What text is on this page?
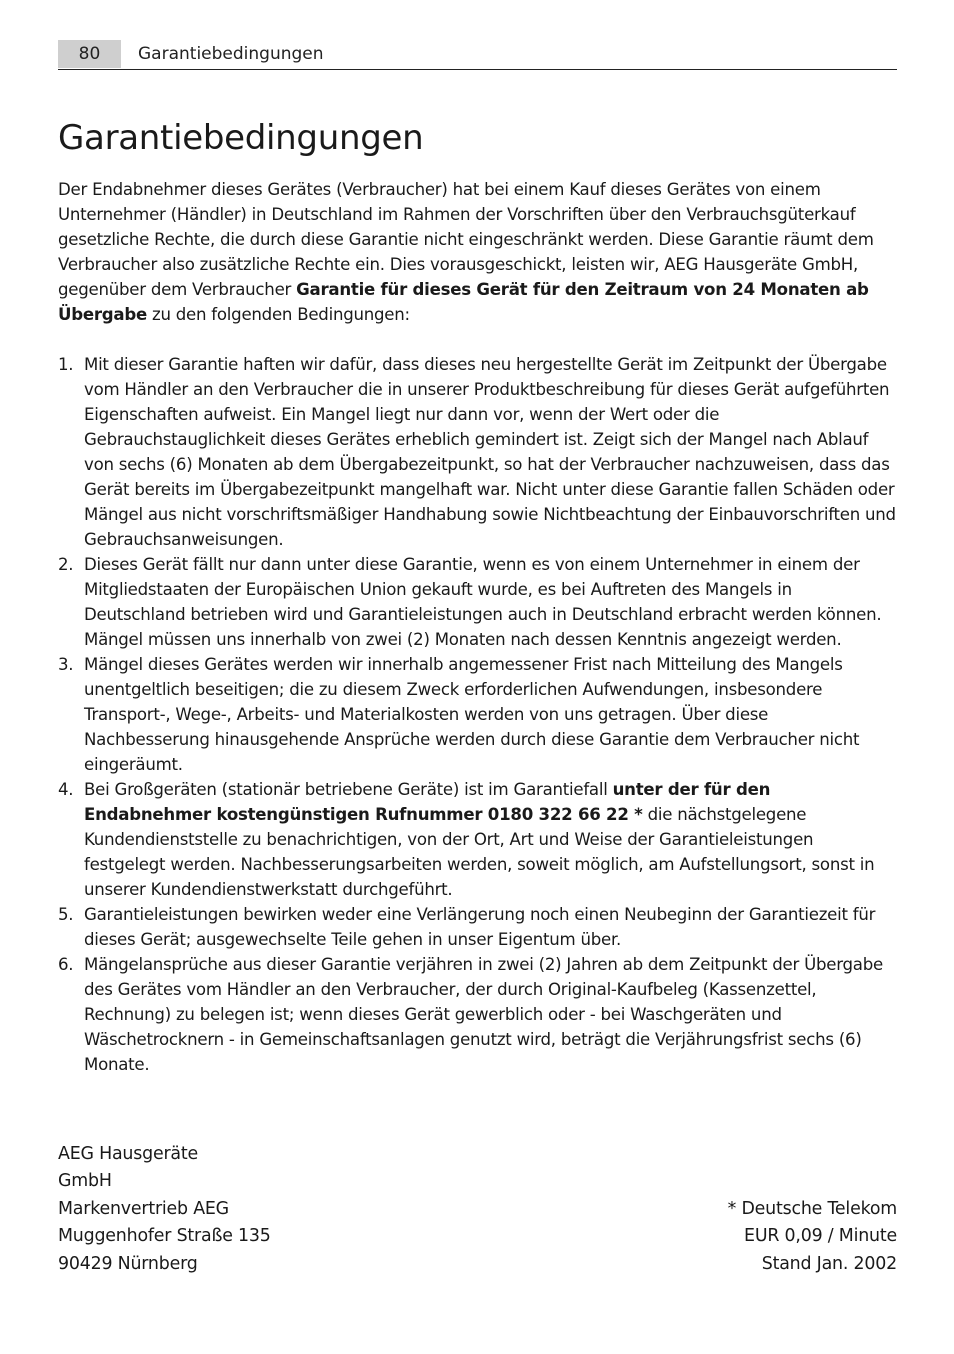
80	Garantiebedingungen
Garantiebedingungen

Der Endabnehmer dieses Gerätes (Verbraucher) hat bei einem Kauf dieses Gerätes von einem Unternehmer (Händler) in Deutschland im Rahmen der Vorschriften über den Verbrauchsgüterkauf gesetzliche Rechte, die durch diese Garantie nicht eingeschränkt werden. Diese Garantie räumt dem Verbraucher also zusätzliche Rechte ein. Dies vorausgeschickt, leisten wir, AEG Hausgeräte GmbH, gegenüber dem Verbraucher Garantie für dieses Gerät für den Zeitraum von 24 Monaten ab Übergabe zu den folgenden Bedingungen:

1. Mit dieser Garantie haften wir dafür, dass dieses neu hergestellte Gerät im Zeitpunkt der Übergabe vom Händler an den Verbraucher die in unserer Produktbeschreibung für dieses Gerät aufgeführten Eigenschaften aufweist. Ein Mangel liegt nur dann vor, wenn der Wert oder die Gebrauchstauglichkeit dieses Gerätes erheblich gemindert ist. Zeigt sich der Mangel nach Ablauf von sechs (6) Monaten ab dem Übergabezeitpunkt, so hat der Verbraucher nachzuweisen, dass das Gerät bereits im Übergabezeitpunkt mangelhaft war. Nicht unter diese Garantie fallen Schäden oder Mängel aus nicht vorschriftsmäßiger Handhabung sowie Nichtbeachtung der Einbauvorschriften und Gebrauchsanweisungen.
2. Dieses Gerät fällt nur dann unter diese Garantie, wenn es von einem Unternehmer in einem der Mitgliedstaaten der Europäischen Union gekauft wurde, es bei Auftreten des Mangels in Deutschland betrieben wird und Garantieleistungen auch in Deutschland erbracht werden können. Mängel müssen uns innerhalb von zwei (2) Monaten nach dessen Kenntnis angezeigt werden.
3. Mängel dieses Gerätes werden wir innerhalb angemessener Frist nach Mitteilung des Mangels unentgeltlich beseitigen; die zu diesem Zweck erforderlichen Aufwendungen, insbesondere Transport-, Wege-, Arbeits- und Materialkosten werden von uns getragen. Über diese Nachbesserung hinausgehende Ansprüche werden durch diese Garantie dem Verbraucher nicht eingeräumt.
4. Bei Großgeräten (stationär betriebene Geräte) ist im Garantiefall unter der für den Endabnehmer kostengünstigen Rufnummer 0180 322 66 22 * die nächstgelegene Kundendienststelle zu benachrichtigen, von der Ort, Art und Weise der Garantieleistungen festgelegt werden. Nachbesserungsarbeiten werden, soweit möglich, am Aufstellungsort, sonst in unserer Kundendienstwerkstatt durchgeführt.
5. Garantieleistungen bewirken weder eine Verlängerung noch einen Neubeginn der Garantiezeit für dieses Gerät; ausgewechselte Teile gehen in unser Eigentum über.
6. Mängelansprüche aus dieser Garantie verjähren in zwei (2) Jahren ab dem Zeitpunkt der Übergabe des Gerätes vom Händler an den Verbraucher, der durch Original-Kaufbeleg (Kassenzettel, Rechnung) zu belegen ist; wenn dieses Gerät gewerblich oder - bei Waschgeräten und Wäschetrocknern - in Gemeinschaftsanlagen genutzt wird, beträgt die Verjährungsfrist sechs (6) Monate.
AEG Hausgeräte
GmbH
Markenvertrieb AEG
Muggenhofer Straße 135
90429 Nürnberg
* Deutsche Telekom
EUR 0,09 / Minute
Stand Jan. 2002
